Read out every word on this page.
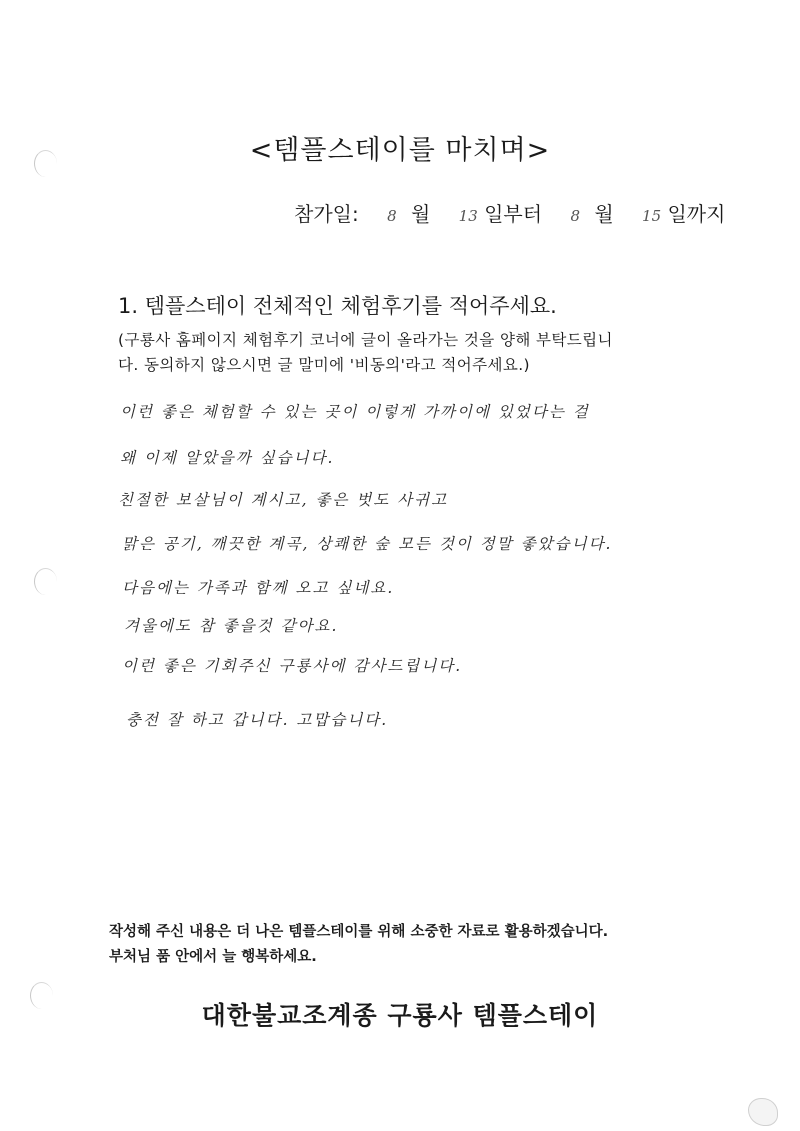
<템플스테이를 마치며>
참가일: 8 월 13 일부터 8 월 15 일까지
1. 템플스테이 전체적인 체험후기를 적어주세요.
(구룡사 홈페이지 체험후기 코너에 글이 올라가는 것을 양해 부탁드립니
다. 동의하지 않으시면 글 말미에 '비동의'라고 적어주세요.)
이런 좋은 체험할 수 있는 곳이 이렇게 가까이에 있었다는 걸
왜 이제 알았을까 싶습니다.
친절한 보살님이 계시고, 좋은 벗도 사귀고
맑은 공기, 깨끗한 계곡, 상쾌한 숲 모든 것이 정말 좋았습니다.
다음에는 가족과 함께 오고 싶네요.
겨울에도 참 좋을것 같아요.
이런 좋은 기회주신 구룡사에 감사드립니다.
충전 잘 하고 갑니다. 고맙습니다.
작성해 주신 내용은 더 나은 템플스테이를 위해 소중한 자료로 활용하겠습니다.
부처님 품 안에서 늘 행복하세요.
대한불교조계종 구룡사 템플스테이
